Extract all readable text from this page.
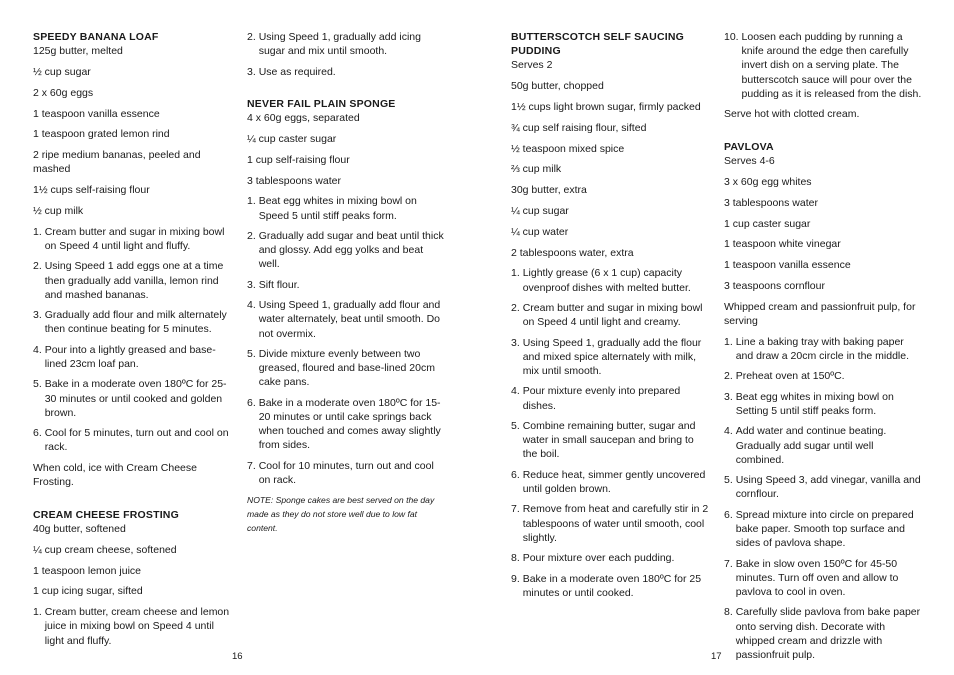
SPEEDY BANANA LOAF

125g butter, melted

½ cup sugar

2 x 60g eggs

1 teaspoon vanilla essence

1 teaspoon grated lemon rind

2 ripe medium bananas, peeled and mashed

1½ cups self-raising flour

½ cup milk

1. Cream butter and sugar in mixing bowl on Speed 4 until light and fluffy.

2. Using Speed 1 add eggs one at a time then gradually add vanilla, lemon rind and mashed bananas.

3. Gradually add flour and milk alternately then continue beating for 5 minutes.

4. Pour into a lightly greased and base-lined 23cm loaf pan.

5. Bake in a moderate oven 180ºC for 25-30 minutes or until cooked and golden brown.

6. Cool for 5 minutes, turn out and cool on rack.

When cold, ice with Cream Cheese Frosting.

CREAM CHEESE FROSTING

40g butter, softened

¼ cup cream cheese, softened

1 teaspoon lemon juice

1 cup icing sugar, sifted

1. Cream butter, cream cheese and lemon juice in mixing bowl on Speed 4 until light and fluffy.

2. Using Speed 1, gradually add icing sugar and mix until smooth.

3. Use as required.

NEVER FAIL PLAIN SPONGE

4 x 60g eggs, separated

¼ cup caster sugar

1 cup self-raising flour

3 tablespoons water

1. Beat egg whites in mixing bowl on Speed 5 until stiff peaks form.

2. Gradually add sugar and beat until thick and glossy. Add egg yolks and beat well.

3. Sift flour.

4. Using Speed 1, gradually add flour and water alternately, beat until smooth. Do not overmix.

5. Divide mixture evenly between two greased, floured and base-lined 20cm cake pans.

6. Bake in a moderate oven 180ºC for 15-20 minutes or until cake springs back when touched and comes away slightly from sides.

7. Cool for 10 minutes, turn out and cool on rack.

NOTE: Sponge cakes are best served on the day made as they do not store well due to low fat content.

BUTTERSCOTCH SELF SAUCING PUDDING

Serves 2

50g butter, chopped

1½ cups light brown sugar, firmly packed

¾ cup self raising flour, sifted

½ teaspoon mixed spice

⅔ cup milk

30g butter, extra

¼ cup sugar

¼ cup water

2 tablespoons water, extra

1. Lightly grease (6 x 1 cup) capacity ovenproof dishes with melted butter.

2. Cream butter and sugar in mixing bowl on Speed 4 until light and creamy.

3. Using Speed 1, gradually add the flour and mixed spice alternately with milk, mix until smooth.

4. Pour mixture evenly into prepared dishes.

5. Combine remaining butter, sugar and water in small saucepan and bring to the boil.

6. Reduce heat, simmer gently uncovered until golden brown.

7. Remove from heat and carefully stir in 2 tablespoons of water until smooth, cool slightly.

8. Pour mixture over each pudding.

9. Bake in a moderate oven 180ºC for 25 minutes or until cooked.

10. Loosen each pudding by running a knife around the edge then carefully invert dish on a serving plate. The butterscotch sauce will pour over the pudding as it is released from the dish.

Serve hot with clotted cream.

PAVLOVA

Serves 4-6

3 x 60g egg whites

3 tablespoons water

1 cup caster sugar

1 teaspoon white vinegar

1 teaspoon vanilla essence

3 teaspoons cornflour

Whipped cream and passionfruit pulp, for serving

1. Line a baking tray with baking paper and draw a 20cm circle in the middle.

2. Preheat oven at 150ºC.

3. Beat egg whites in mixing bowl on Setting 5 until stiff peaks form.

4. Add water and continue beating. Gradually add sugar until well combined.

5. Using Speed 3, add vinegar, vanilla and cornflour.

6. Spread mixture into circle on prepared bake paper. Smooth top surface and sides of pavlova shape.

7. Bake in slow oven 150ºC for 45-50 minutes. Turn off oven and allow to pavlova to cool in oven.

8. Carefully slide pavlova from bake paper onto serving dish. Decorate with whipped cream and drizzle with passionfruit pulp.

16	17
